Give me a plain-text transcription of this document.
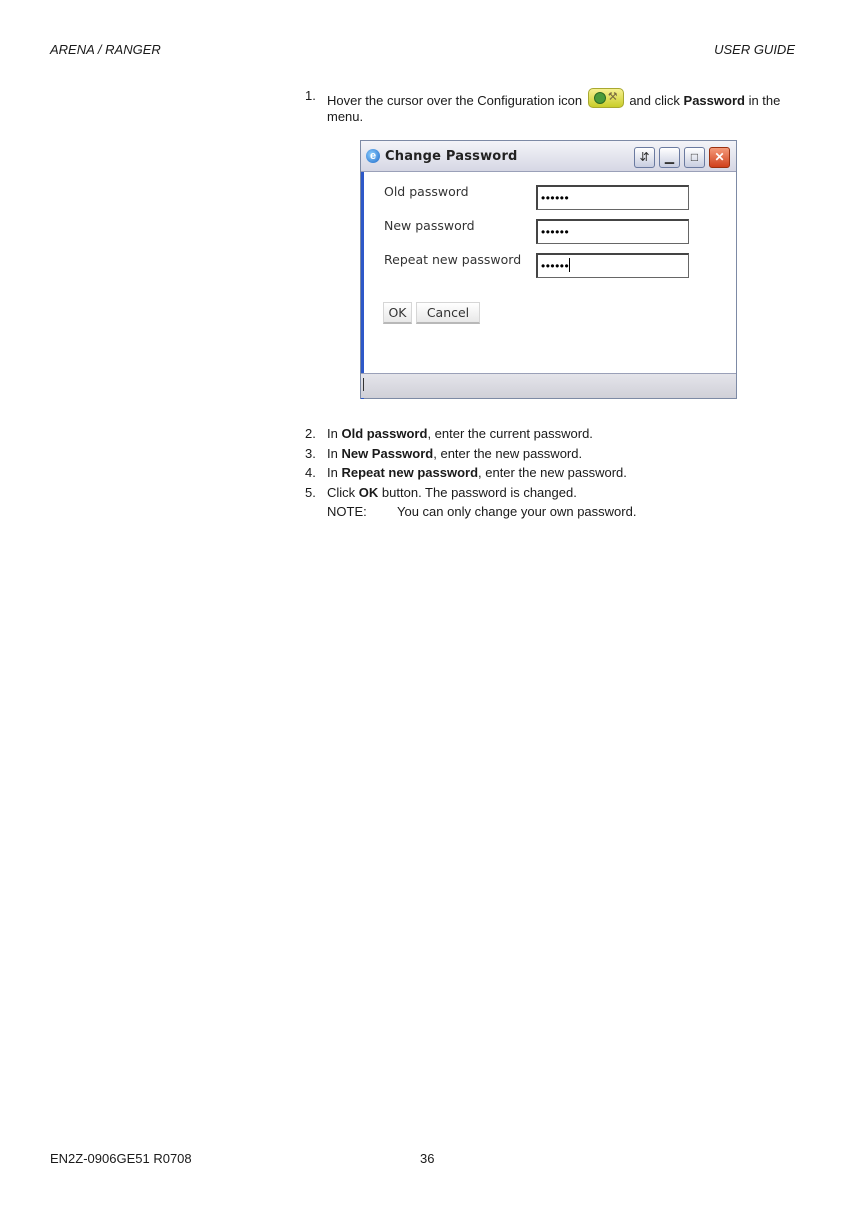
ARENA / RANGER	USER GUIDE
1. Hover the cursor over the Configuration icon ⚒ and click Password in the menu.
e Change Password	⇵	▁	□	✕
Old password	••••••
New password	••••••
Repeat new password	••••••
OK	Cancel
2. In Old password, enter the current password.
3. In New Password, enter the new password.
4. In Repeat new password, enter the new password.
5. Click OK button. The password is changed.
NOTE: You can only change your own password.
EN2Z-0906GE51 R0708	36
